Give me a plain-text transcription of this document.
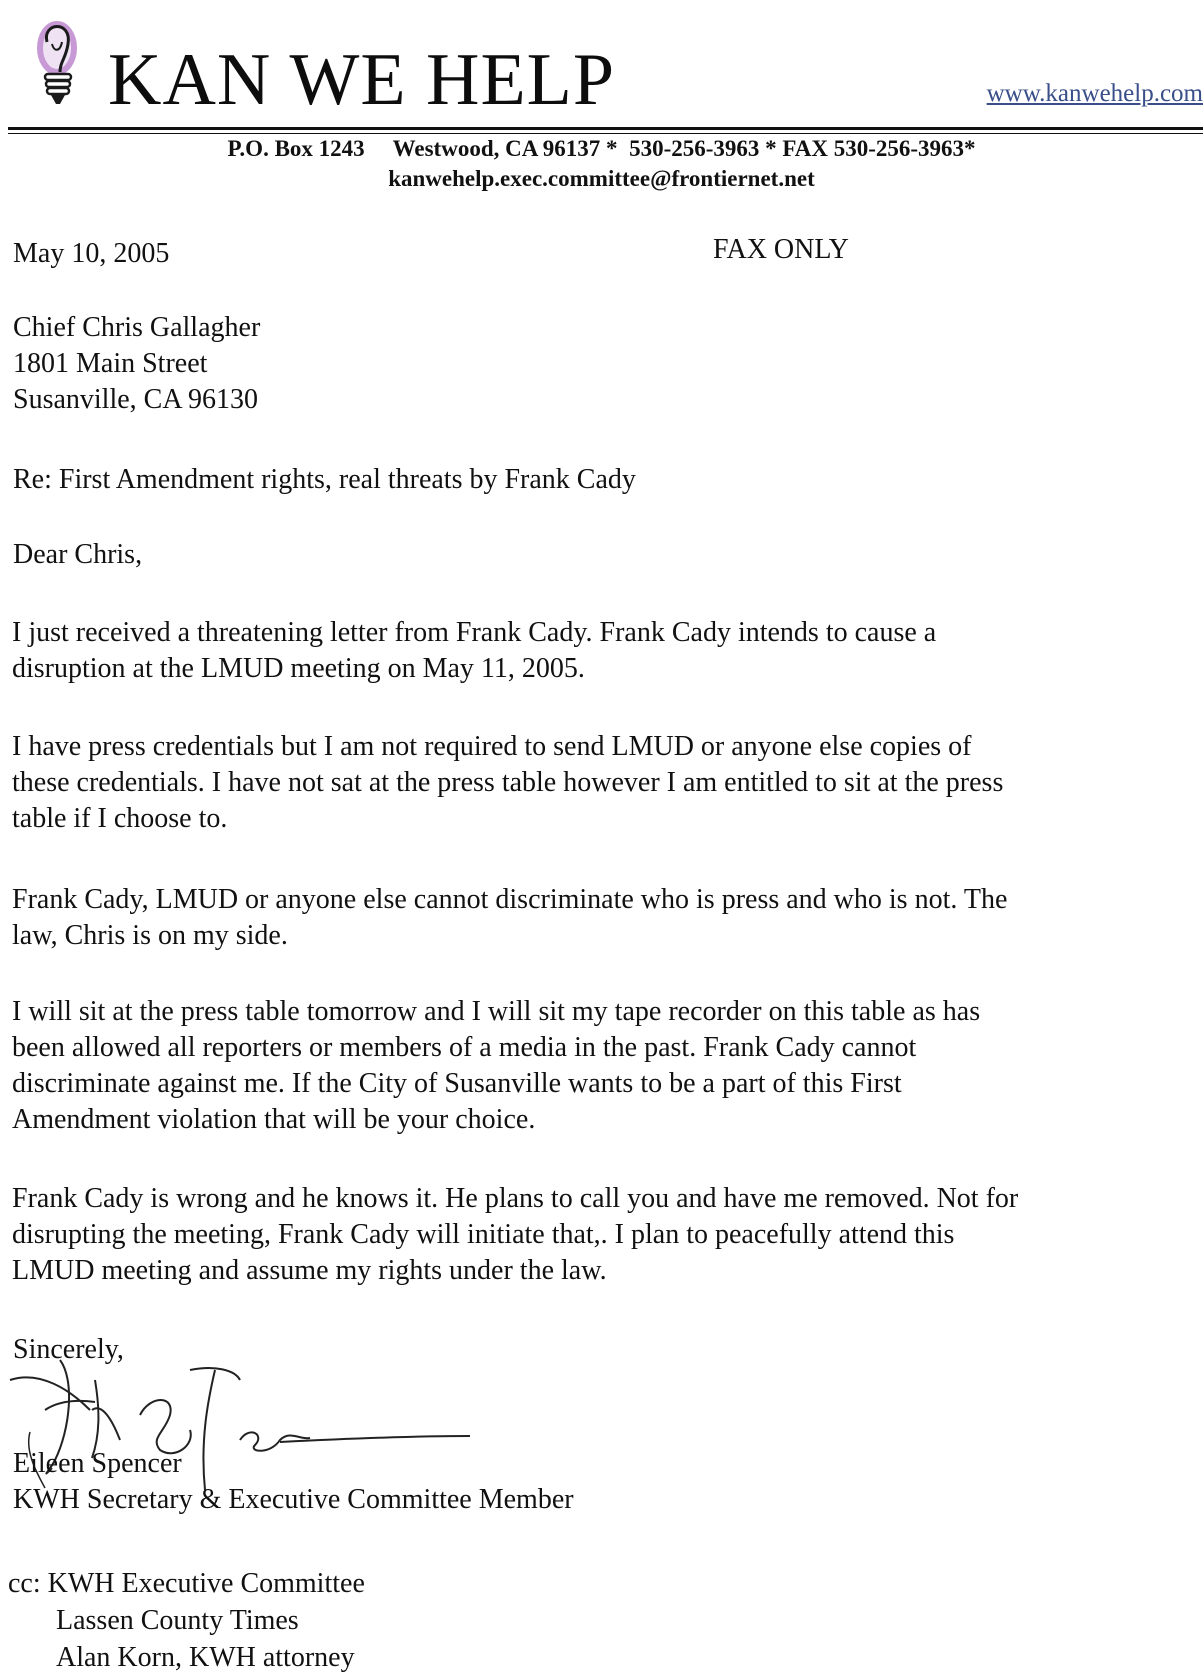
KAN WE HELP	www.kanwehelp.com
P.O. Box 1243 Westwood, CA 96137 * 530-256-3963 * FAX 530-256-3963*
kanwehelp.exec.committee@frontiernet.net
May 10, 2005	FAX ONLY
Chief Chris Gallagher
1801 Main Street
Susanville, CA 96130
Re: First Amendment rights, real threats by Frank Cady
Dear Chris,
I just received a threatening letter from Frank Cady. Frank Cady intends to cause a
disruption at the LMUD meeting on May 11, 2005.
I have press credentials but I am not required to send LMUD or anyone else copies of
these credentials. I have not sat at the press table however I am entitled to sit at the press
table if I choose to.
Frank Cady, LMUD or anyone else cannot discriminate who is press and who is not. The
law, Chris is on my side.
I will sit at the press table tomorrow and I will sit my tape recorder on this table as has
been allowed all reporters or members of a media in the past. Frank Cady cannot
discriminate against me. If the City of Susanville wants to be a part of this First
Amendment violation that will be your choice.
Frank Cady is wrong and he knows it. He plans to call you and have me removed. Not for
disrupting the meeting, Frank Cady will initiate that,. I plan to peacefully attend this
LMUD meeting and assume my rights under the law.
Sincerely,
Eileen Spencer
KWH Secretary & Executive Committee Member
cc: KWH Executive Committee
Lassen County Times
Alan Korn, KWH attorney
